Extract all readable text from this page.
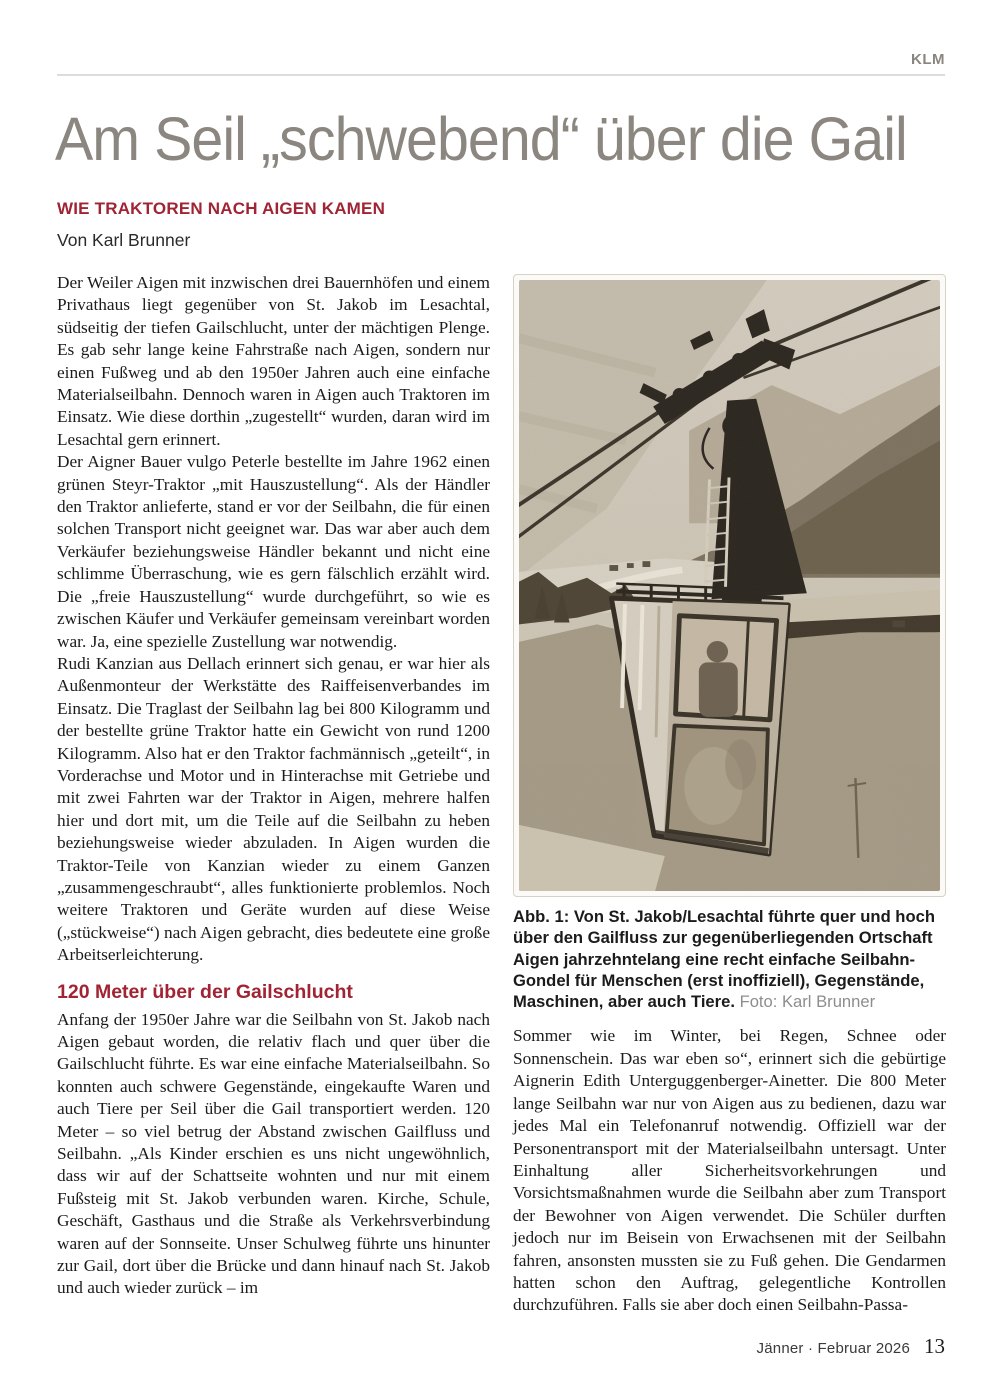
KLM
Am Seil „schwebend“ über die Gail
WIE TRAKTOREN NACH AIGEN KAMEN

Von Karl Brunner

Der Weiler Aigen mit inzwischen drei Bauernhöfen und einem Privathaus liegt gegenüber von St. Jakob im Lesachtal, südseitig der tiefen Gailschlucht, unter der mächtigen Plenge. Es gab sehr lange keine Fahrstraße nach Aigen, sondern nur einen Fußweg und ab den 1950er Jahren auch eine einfache Materialseilbahn. Dennoch waren in Aigen auch Traktoren im Einsatz. Wie diese dorthin „zugestellt“ wurden, daran wird im Lesachtal gern erinnert.

Der Aigner Bauer vulgo Peterle bestellte im Jahre 1962 einen grünen Steyr-Traktor „mit Hauszustellung“. Als der Händler den Traktor anlieferte, stand er vor der Seilbahn, die für einen solchen Transport nicht geeignet war. Das war aber auch dem Verkäufer beziehungsweise Händler bekannt und nicht eine schlimme Überraschung, wie es gern fälschlich erzählt wird. Die „freie Hauszustellung“ wurde durchgeführt, so wie es zwischen Käufer und Verkäufer gemeinsam vereinbart worden war. Ja, eine spezielle Zustellung war notwendig.

Rudi Kanzian aus Dellach erinnert sich genau, er war hier als Außenmonteur der Werkstätte des Raiffeisenverbandes im Einsatz. Die Traglast der Seilbahn lag bei 800 Kilogramm und der bestellte grüne Traktor hatte ein Gewicht von rund 1200 Kilogramm. Also hat er den Traktor fachmännisch „geteilt“, in Vorderachse und Motor und in Hinterachse mit Getriebe und mit zwei Fahrten war der Traktor in Aigen, mehrere halfen hier und dort mit, um die Teile auf die Seilbahn zu heben beziehungsweise wieder abzuladen. In Aigen wurden die Traktor-Teile von Kanzian wieder zu einem Ganzen „zusammengeschraubt“, alles funktionierte problemlos. Noch weitere Traktoren und Geräte wurden auf diese Weise („stückweise“) nach Aigen gebracht, dies bedeutete eine große Arbeitserleichterung.

120 Meter über der Gailschlucht

Anfang der 1950er Jahre war die Seilbahn von St. Jakob nach Aigen gebaut worden, die relativ flach und quer über die Gailschlucht führte. Es war eine einfache Materialseilbahn. So konnten auch schwere Gegenstände, eingekaufte Waren und auch Tiere per Seil über die Gail transportiert werden. 120 Meter – so viel betrug der Abstand zwischen Gailfluss und Seilbahn. „Als Kinder erschien es uns nicht ungewöhnlich, dass wir auf der Schattseite wohnten und nur mit einem Fußsteig mit St. Jakob verbunden waren. Kirche, Schule, Geschäft, Gasthaus und die Straße als Verkehrsverbindung waren auf der Sonnseite. Unser Schulweg führte uns hinunter zur Gail, dort über die Brücke und dann hinauf nach St. Jakob und auch wieder zurück – im

Abb. 1: Von St. Jakob/Lesachtal führte quer und hoch über den Gailfluss zur gegenüberliegenden Ortschaft Aigen jahrzehntelang eine recht einfache Seilbahn-Gondel für Menschen (erst inoffiziell), Gegenstände, Maschinen, aber auch Tiere. Foto: Karl Brunner

Sommer wie im Winter, bei Regen, Schnee oder Sonnenschein. Das war eben so“, erinnert sich die gebürtige Aignerin Edith Unterguggenberger-Ainetter. Die 800 Meter lange Seilbahn war nur von Aigen aus zu bedienen, dazu war jedes Mal ein Telefonanruf notwendig. Offiziell war der Personentransport mit der Materialseilbahn untersagt. Unter Einhaltung aller Sicherheitsvorkehrungen und Vorsichtsmaßnahmen wurde die Seilbahn aber zum Transport der Bewohner von Aigen verwendet. Die Schüler durften jedoch nur im Beisein von Erwachsenen mit der Seilbahn fahren, ansonsten mussten sie zu Fuß gehen. Die Gendarmen hatten schon den Auftrag, gelegentliche Kontrollen durchzuführen. Falls sie aber doch einen Seilbahn-Passa-

Jänner · Februar 2026 13
